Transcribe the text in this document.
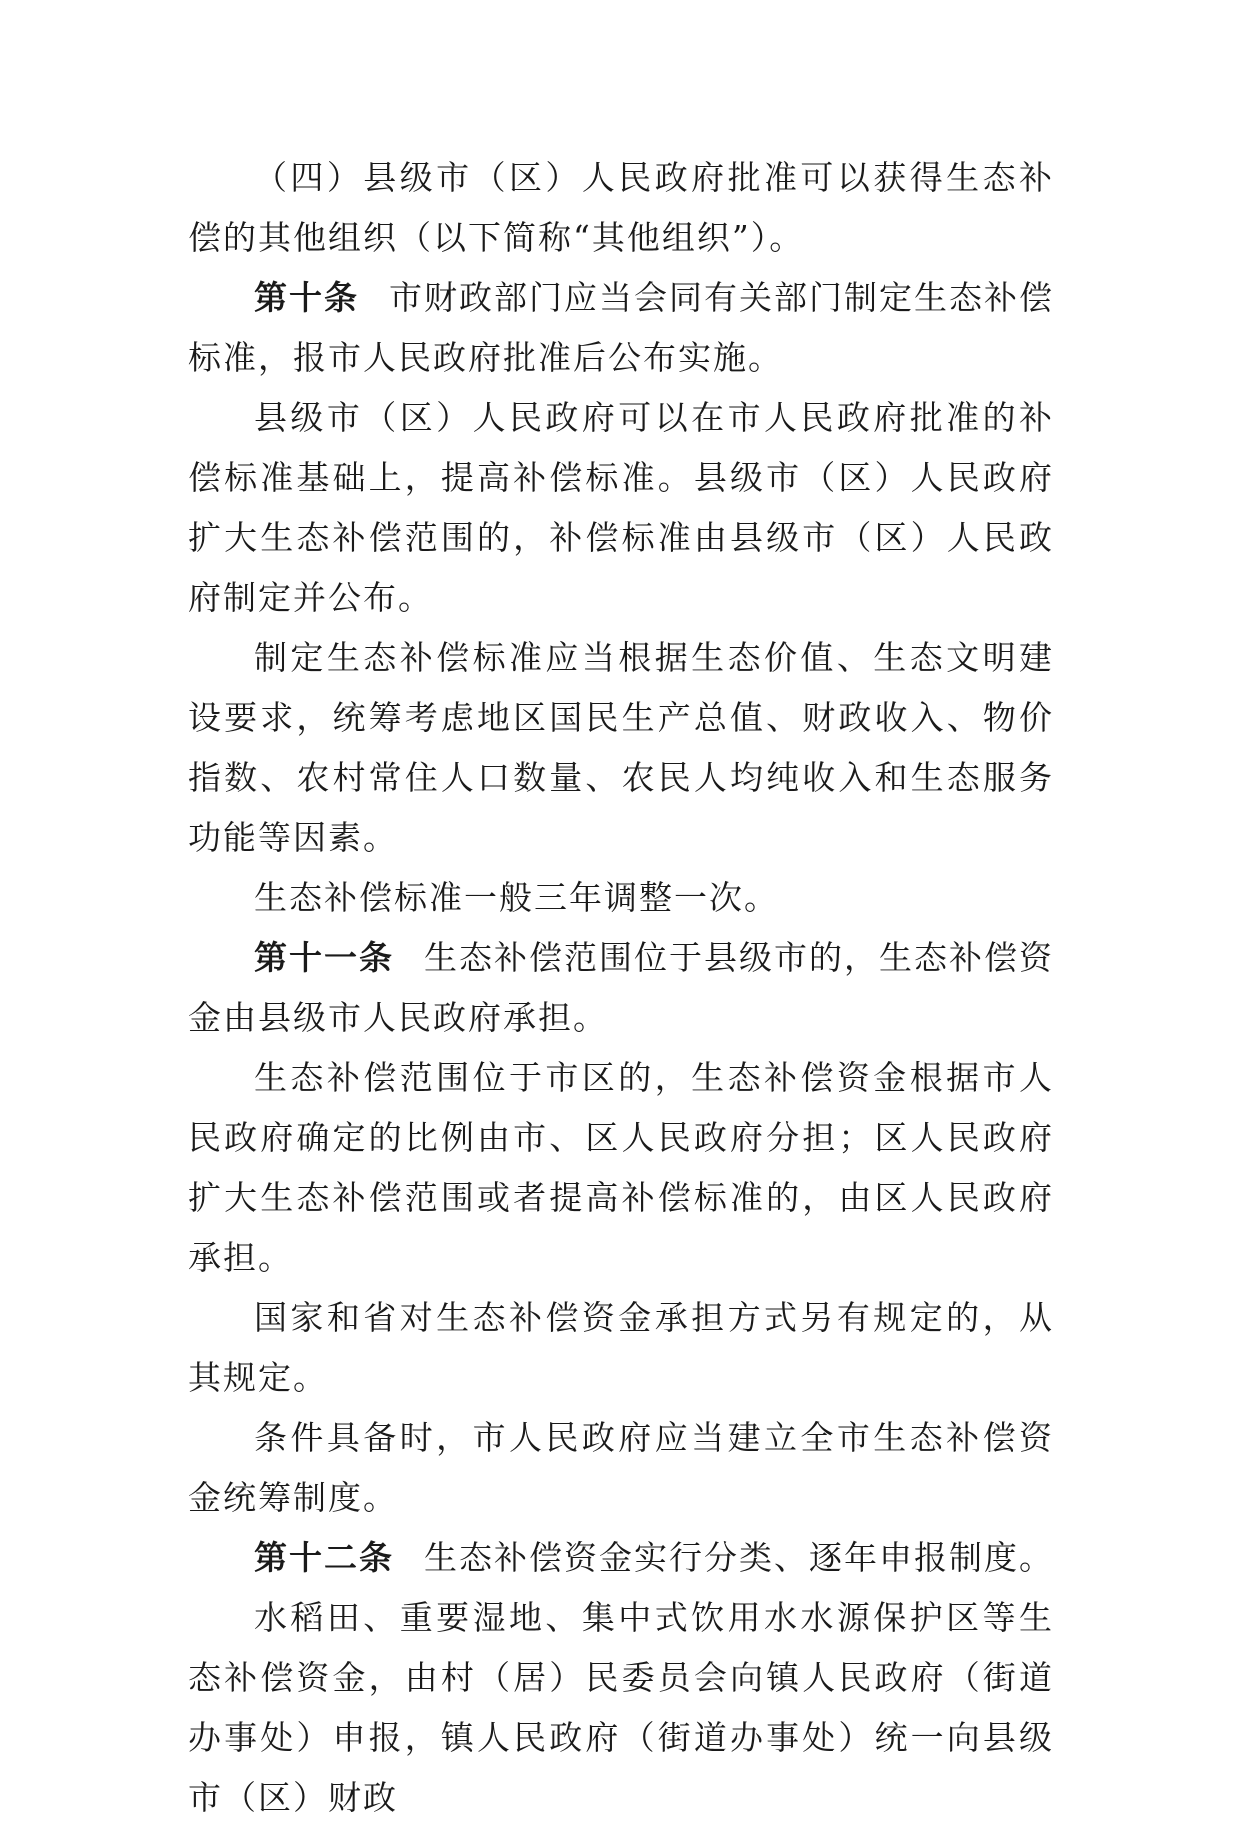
（四）县级市（区）人民政府批准可以获得生态补偿的其他组织（以下简称“其他组织”）。

第十条 市财政部门应当会同有关部门制定生态补偿标准，报市人民政府批准后公布实施。

县级市（区）人民政府可以在市人民政府批准的补偿标准基础上，提高补偿标准。县级市（区）人民政府扩大生态补偿范围的，补偿标准由县级市（区）人民政府制定并公布。

制定生态补偿标准应当根据生态价值、生态文明建设要求，统筹考虑地区国民生产总值、财政收入、物价指数、农村常住人口数量、农民人均纯收入和生态服务功能等因素。

生态补偿标准一般三年调整一次。

第十一条 生态补偿范围位于县级市的，生态补偿资金由县级市人民政府承担。

生态补偿范围位于市区的，生态补偿资金根据市人民政府确定的比例由市、区人民政府分担；区人民政府扩大生态补偿范围或者提高补偿标准的，由区人民政府承担。

国家和省对生态补偿资金承担方式另有规定的，从其规定。

条件具备时，市人民政府应当建立全市生态补偿资金统筹制度。

第十二条 生态补偿资金实行分类、逐年申报制度。

水稻田、重要湿地、集中式饮用水水源保护区等生态补偿资金，由村（居）民委员会向镇人民政府（街道办事处）申报，镇人民政府（街道办事处）统一向县级市（区）财政
